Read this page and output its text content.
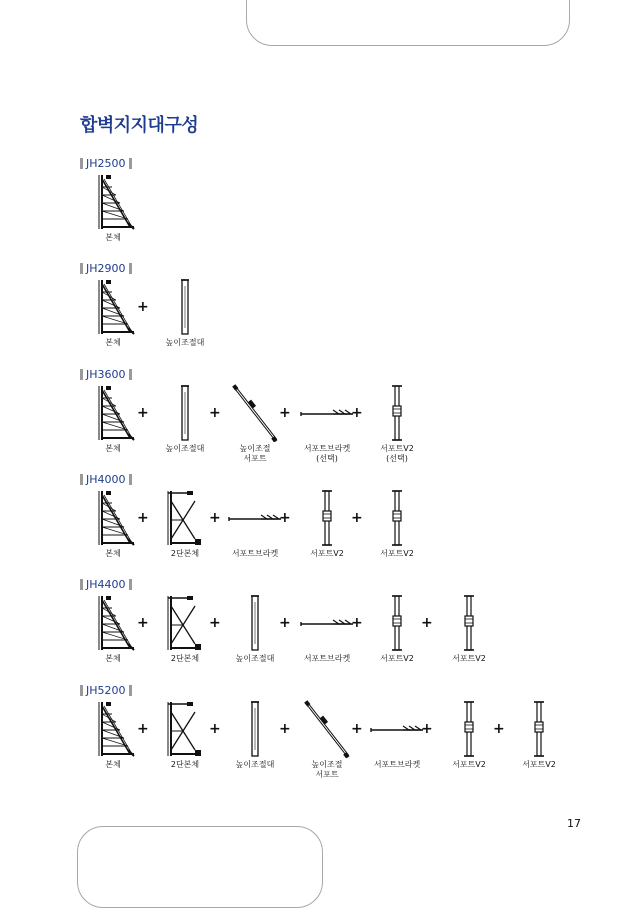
합벽지지대구성
JH2500
본체
JH2900
본체	높이조절대
+
JH3600
본체	높이조절대
+
높이조절
서포트
+
서포트브라켓
(선택)
+
서포트V2
(선택)
+
JH4000
본체	2단본체
+
서포트브라켓
+
서포트V2
+
서포트V2
+
JH4400
본체	2단본체
+
높이조절대
+
서포트브라켓
+
서포트V2
+
서포트V2
+
JH5200
본체	2단본체
+
높이조절대
+
높이조절
서포트
+
서포트브라켓
+
서포트V2
+
서포트V2
+
17
